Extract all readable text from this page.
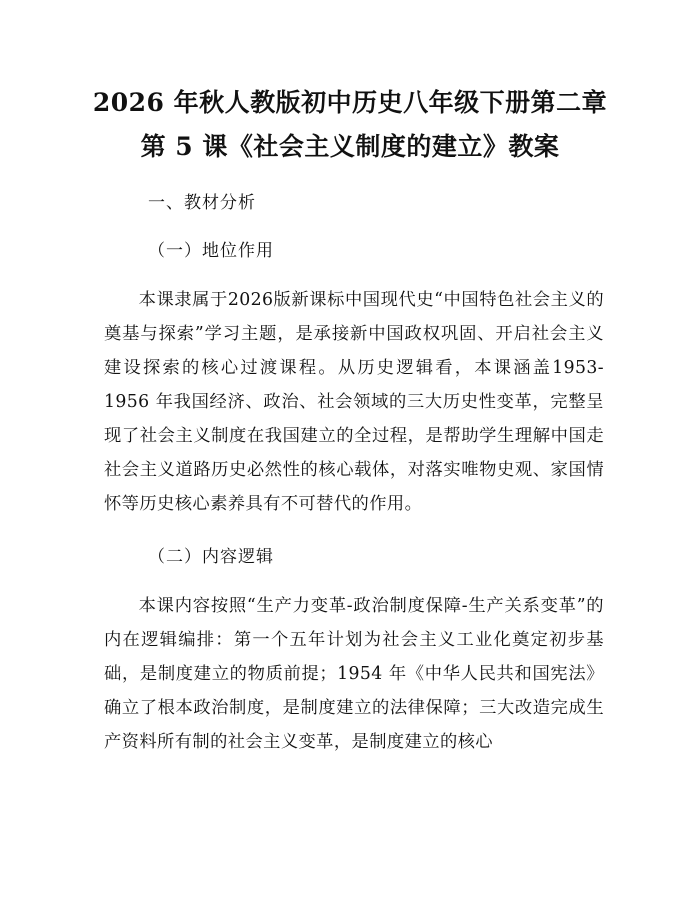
2026 年秋人教版初中历史八年级下册第二章
第 5 课《社会主义制度的建立》教案
一、教材分析
（一）地位作用

本课隶属于2026版新课标中国现代史“中国特色社会主义的奠基与探索”学习主题，是承接新中国政权巩固、开启社会主义建设探索的核心过渡课程。从历史逻辑看，本课涵盖1953-1956 年我国经济、政治、社会领域的三大历史性变革，完整呈现了社会主义制度在我国建立的全过程，是帮助学生理解中国走社会主义道路历史必然性的核心载体，对落实唯物史观、家国情怀等历史核心素养具有不可替代的作用。

（二）内容逻辑

本课内容按照“生产力变革-政治制度保障-生产关系变革”的内在逻辑编排：第一个五年计划为社会主义工业化奠定初步基础，是制度建立的物质前提；1954 年《中华人民共和国宪法》确立了根本政治制度，是制度建立的法律保障；三大改造完成生产资料所有制的社会主义变革，是制度建立的核心
